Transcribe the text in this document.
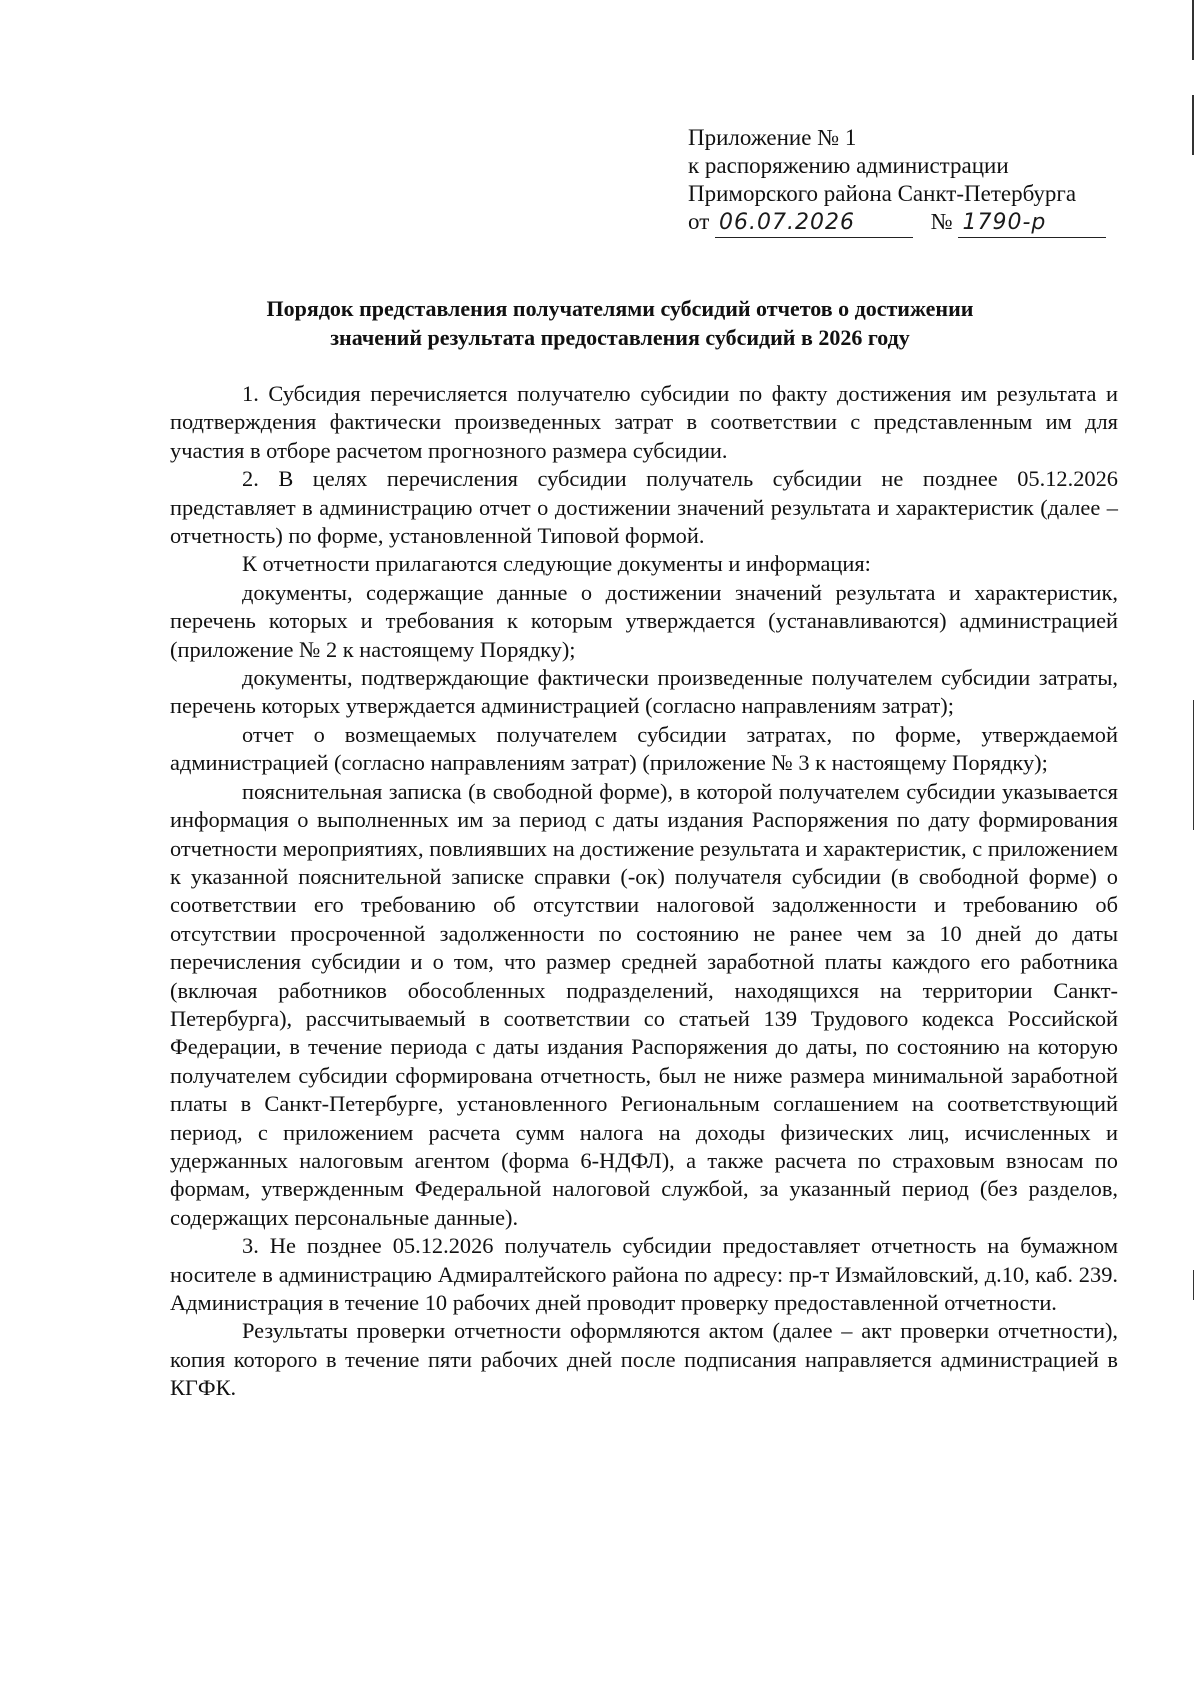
Приложение № 1
к распоряжению администрации
Приморского района Санкт-Петербурга
от 06.07.2026	№ 1790-р
Порядок представления получателями субсидий отчетов о достижении
значений результата предоставления субсидий в 2026 году

1. Субсидия перечисляется получателю субсидии по факту достижения им результата и подтверждения фактически произведенных затрат в соответствии с представленным им для участия в отборе расчетом прогнозного размера субсидии.

2. В целях перечисления субсидии получатель субсидии не позднее 05.12.2026 представляет в администрацию отчет о достижении значений результата и характеристик (далее – отчетность) по форме, установленной Типовой формой.

К отчетности прилагаются следующие документы и информация:

документы, содержащие данные о достижении значений результата и характеристик, перечень которых и требования к которым утверждается (устанавливаются) администрацией (приложение № 2 к настоящему Порядку);

документы, подтверждающие фактически произведенные получателем субсидии затраты, перечень которых утверждается администрацией (согласно направлениям затрат);

отчет о возмещаемых получателем субсидии затратах, по форме, утверждаемой администрацией (согласно направлениям затрат) (приложение № 3 к настоящему Порядку);

пояснительная записка (в свободной форме), в которой получателем субсидии указывается информация о выполненных им за период с даты издания Распоряжения по дату формирования отчетности мероприятиях, повлиявших на достижение результата и характеристик, с приложением к указанной пояснительной записке справки (-ок) получателя субсидии (в свободной форме) о соответствии его требованию об отсутствии налоговой задолженности и требованию об отсутствии просроченной задолженности по состоянию не ранее чем за 10 дней до даты перечисления субсидии и о том, что размер средней заработной платы каждого его работника (включая работников обособленных подразделений, находящихся на территории Санкт-Петербурга), рассчитываемый в соответствии со статьей 139 Трудового кодекса Российской Федерации, в течение периода с даты издания Распоряжения до даты, по состоянию на которую получателем субсидии сформирована отчетность, был не ниже размера минимальной заработной платы в Санкт-Петербурге, установленного Региональным соглашением на соответствующий период, с приложением расчета сумм налога на доходы физических лиц, исчисленных и удержанных налоговым агентом (форма 6-НДФЛ), а также расчета по страховым взносам по формам, утвержденным Федеральной налоговой службой, за указанный период (без разделов, содержащих персональные данные).

3. Не позднее 05.12.2026 получатель субсидии предоставляет отчетность на бумажном носителе в администрацию Адмиралтейского района по адресу: пр-т Измайловский, д.10, каб. 239. Администрация в течение 10 рабочих дней проводит проверку предоставленной отчетности.

Результаты проверки отчетности оформляются актом (далее – акт проверки отчетности), копия которого в течение пяти рабочих дней после подписания направляется администрацией в КГФК.
